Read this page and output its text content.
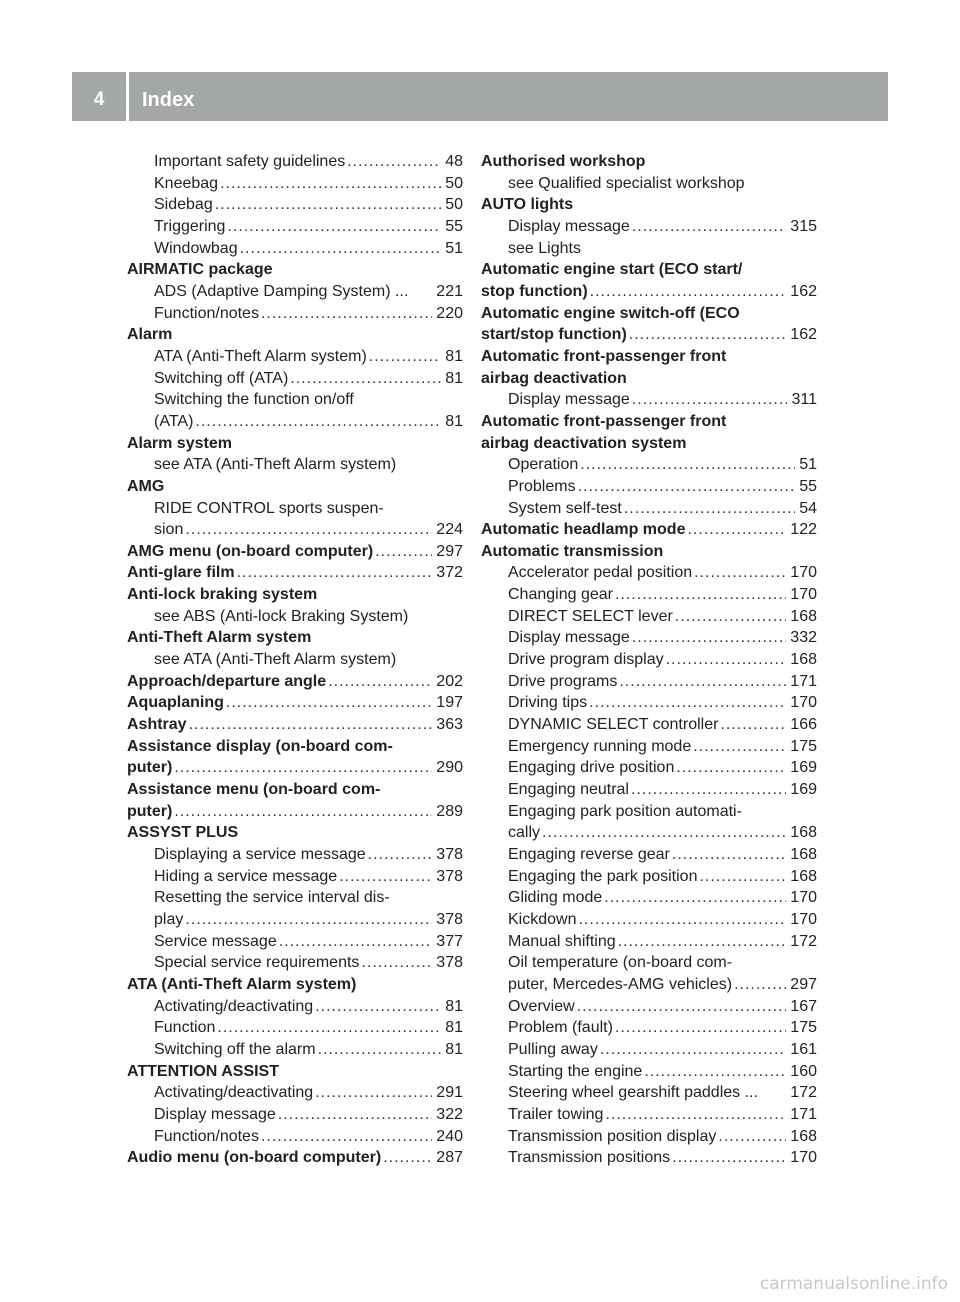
4	Index
Important safety guidelines .....	48
Kneebag .....	50
Sidebag .....	50
Triggering .....	55
Windowbag .....	51
AIRMATIC package
ADS (Adaptive Damping System) ... 221
Function/notes .....	220
Alarm
ATA (Anti-Theft Alarm system) .....	81
Switching off (ATA) .....	81
Switching the function on/off
(ATA) .....	81
Alarm system
see ATA (Anti-Theft Alarm system)
AMG
RIDE CONTROL sports suspen-
sion .....	224
AMG menu (on-board computer) .....	297
Anti-glare film .....	372
Anti-lock braking system
see ABS (Anti-lock Braking System)
Anti-Theft Alarm system
see ATA (Anti-Theft Alarm system)
Approach/departure angle .....	202
Aquaplaning .....	197
Ashtray .....	363
Assistance display (on-board com-
puter) .....	290
Assistance menu (on-board com-
puter) .....	289
ASSYST PLUS
Displaying a service message .....	378
Hiding a service message .....	378
Resetting the service interval dis-
play .....	378
Service message .....	377
Special service requirements .....	378
ATA (Anti-Theft Alarm system)
Activating/deactivating .....	81
Function .....	81
Switching off the alarm .....	81
ATTENTION ASSIST
Activating/deactivating .....	291
Display message .....	322
Function/notes .....	240
Audio menu (on-board computer) .....	287
Authorised workshop
see Qualified specialist workshop
AUTO lights
Display message .....	315
see Lights
Automatic engine start (ECO start/
stop function) .....	162
Automatic engine switch-off (ECO
start/stop function) .....	162
Automatic front-passenger front
airbag deactivation
Display message .....	311
Automatic front-passenger front
airbag deactivation system
Operation .....	51
Problems .....	55
System self-test .....	54
Automatic headlamp mode .....	122
Automatic transmission
Accelerator pedal position .....	170
Changing gear .....	170
DIRECT SELECT lever .....	168
Display message .....	332
Drive program display .....	168
Drive programs .....	171
Driving tips .....	170
DYNAMIC SELECT controller .....	166
Emergency running mode .....	175
Engaging drive position .....	169
Engaging neutral .....	169
Engaging park position automati-
cally .....	168
Engaging reverse gear .....	168
Engaging the park position .....	168
Gliding mode .....	170
Kickdown .....	170
Manual shifting .....	172
Oil temperature (on-board com-
puter, Mercedes-AMG vehicles) .....	297
Overview .....	167
Problem (fault) .....	175
Pulling away .....	161
Starting the engine .....	160
Steering wheel gearshift paddles ... 172
Trailer towing .....	171
Transmission position display .....	168
Transmission positions .....	170
carmanualsonline.info
